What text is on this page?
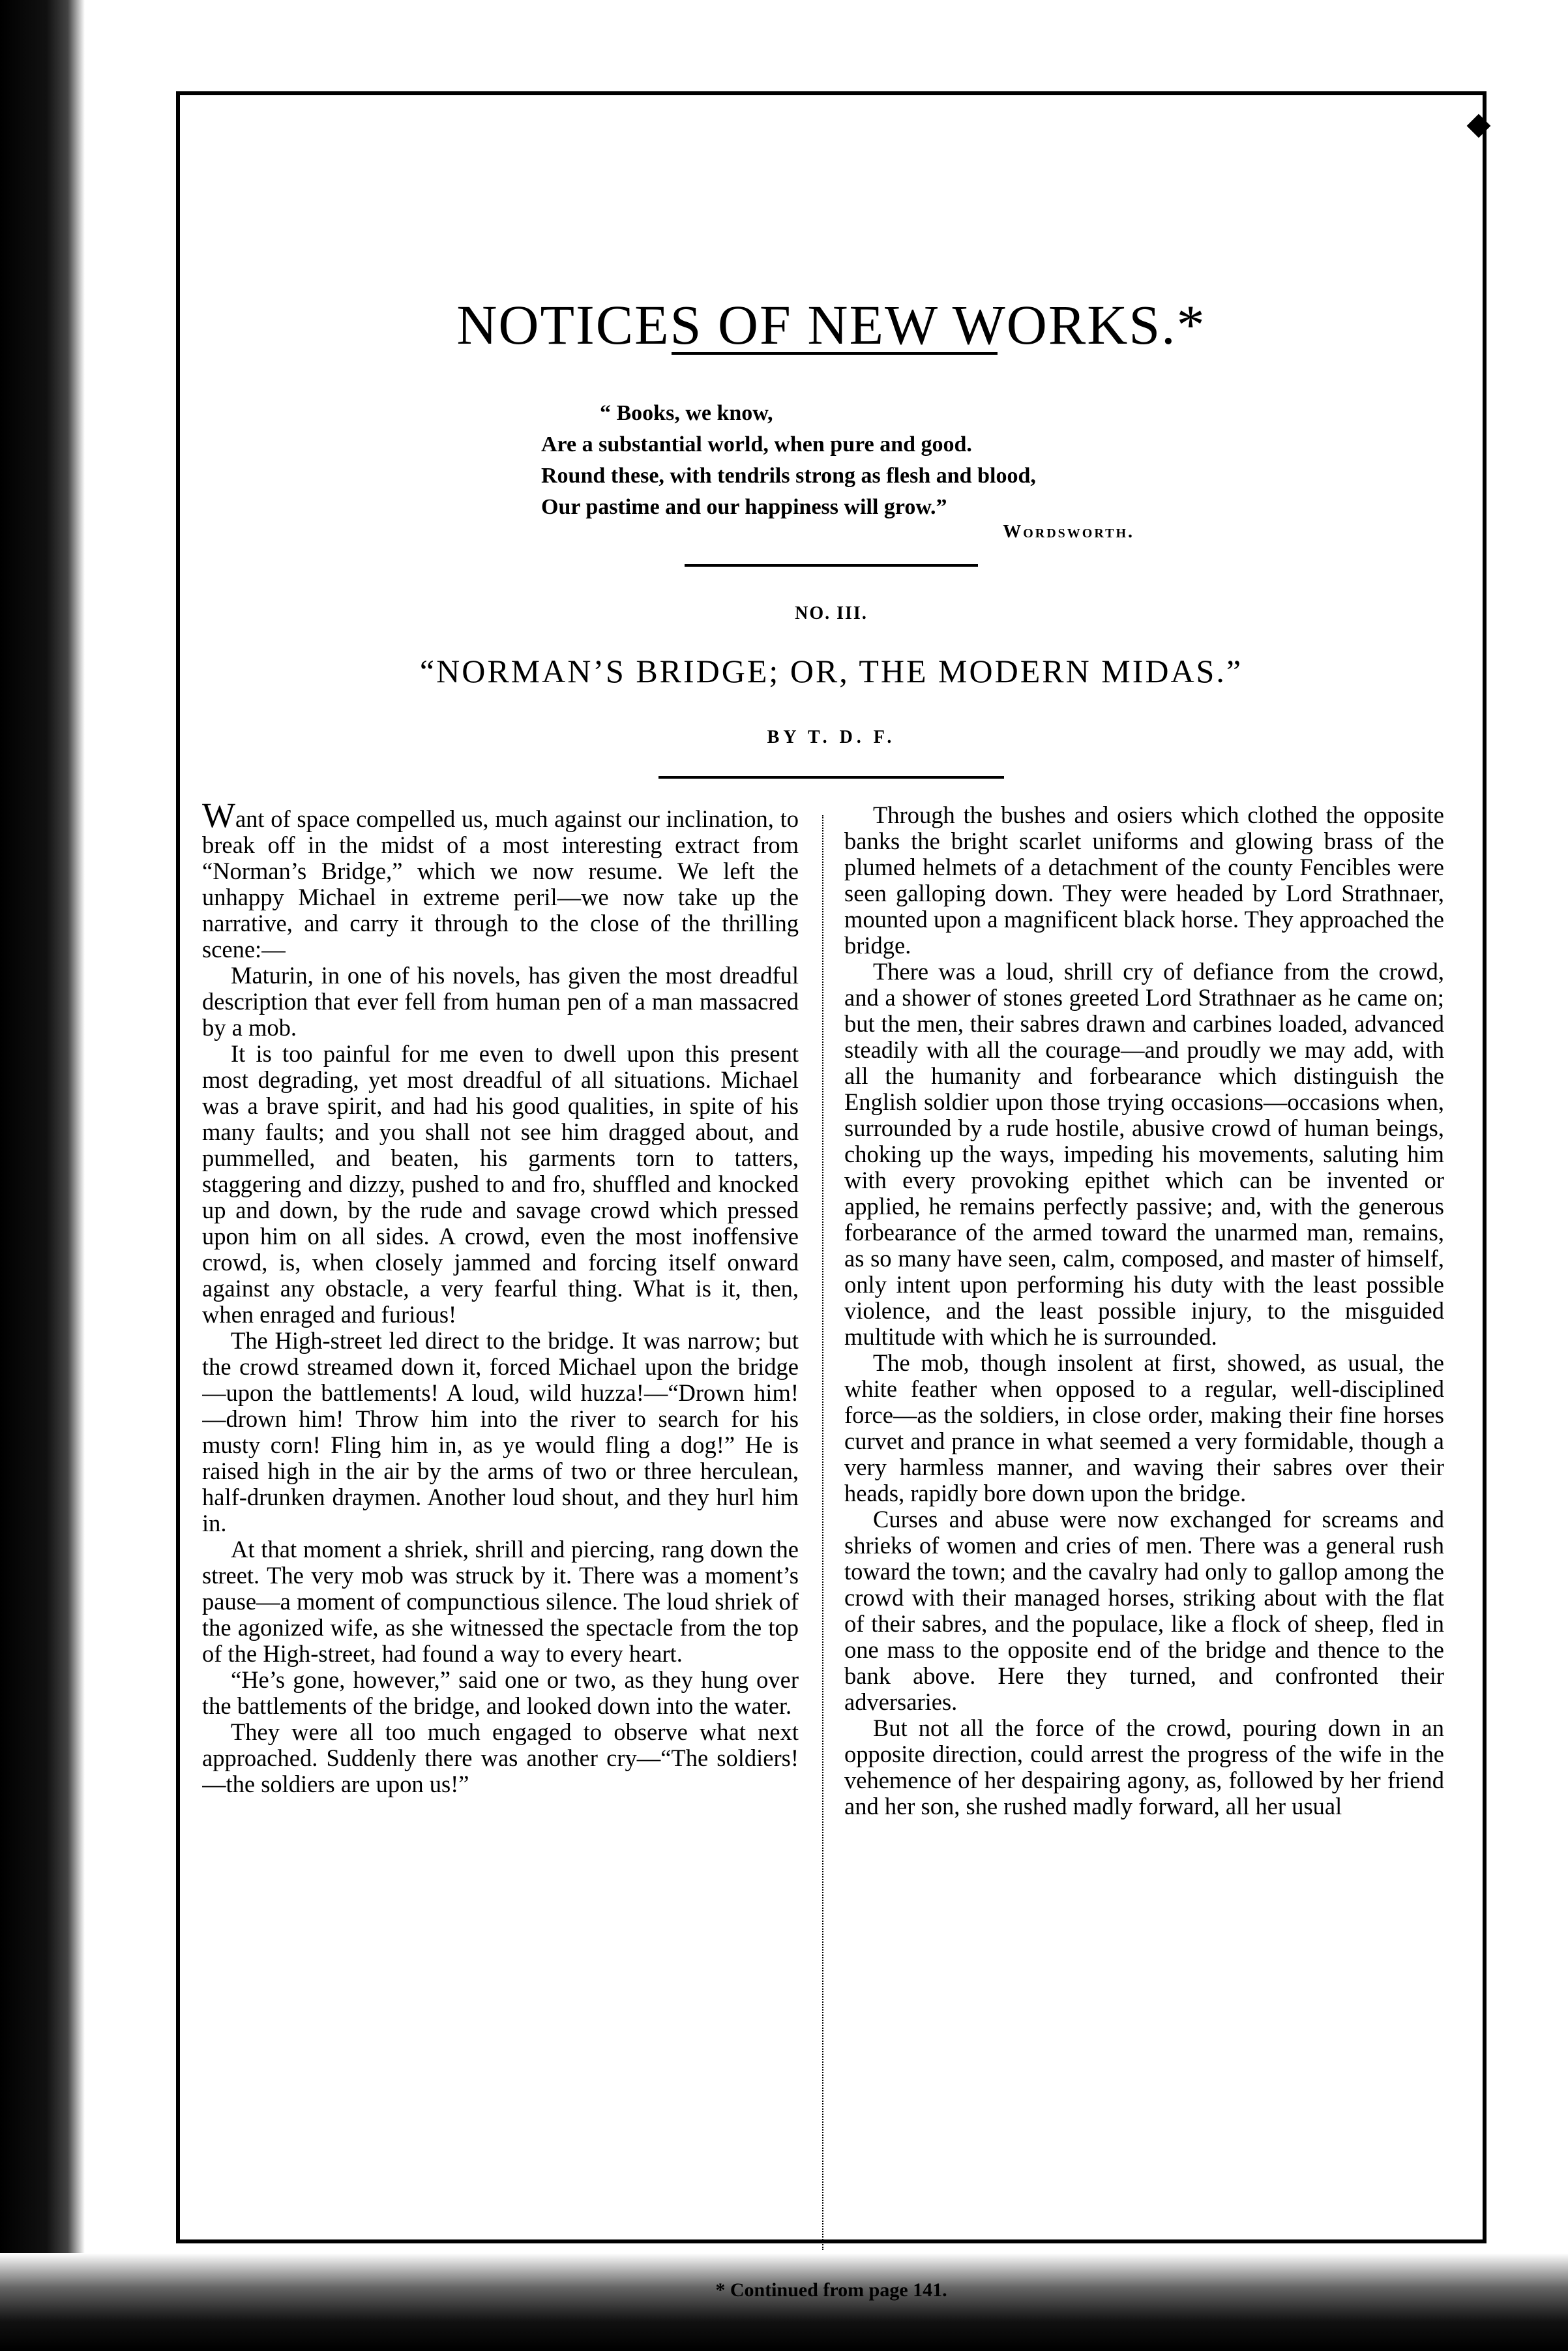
NOTICES OF NEW WORKS.*
“ Books, we know,
Are a substantial world, when pure and good.
Round these, with tendrils strong as flesh and blood,
Our pastime and our happiness will grow.”
Wordsworth.
NO. III.
“NORMAN’S BRIDGE; OR, THE MODERN MIDAS.”
BY T. D. F.

Want of space compelled us, much against our inclination, to break off in the midst of a most interesting extract from “Norman’s Bridge,” which we now resume. We left the unhappy Michael in extreme peril—we now take up the narrative, and carry it through to the close of the thrilling scene:—

Maturin, in one of his novels, has given the most dreadful description that ever fell from human pen of a man massacred by a mob.

It is too painful for me even to dwell upon this present most degrading, yet most dreadful of all situations. Michael was a brave spirit, and had his good qualities, in spite of his many faults; and you shall not see him dragged about, and pummelled, and beaten, his garments torn to tatters, staggering and dizzy, pushed to and fro, shuffled and knocked up and down, by the rude and savage crowd which pressed upon him on all sides. A crowd, even the most inoffensive crowd, is, when closely jammed and forcing itself onward against any obstacle, a very fearful thing. What is it, then, when enraged and furious!

The High-street led direct to the bridge. It was narrow; but the crowd streamed down it, forced Michael upon the bridge—upon the battlements! A loud, wild huzza!—“Drown him!—drown him! Throw him into the river to search for his musty corn! Fling him in, as ye would fling a dog!” He is raised high in the air by the arms of two or three herculean, half-drunken draymen. Another loud shout, and they hurl him in.

At that moment a shriek, shrill and piercing, rang down the street. The very mob was struck by it. There was a moment’s pause—a moment of compunctious silence. The loud shriek of the agonized wife, as she witnessed the spectacle from the top of the High-street, had found a way to every heart.

“He’s gone, however,” said one or two, as they hung over the battlements of the bridge, and looked down into the water.

They were all too much engaged to observe what next approached. Suddenly there was another cry—“The soldiers!—the soldiers are upon us!”

Through the bushes and osiers which clothed the opposite banks the bright scarlet uniforms and glowing brass of the plumed helmets of a detachment of the county Fencibles were seen galloping down. They were headed by Lord Strathnaer, mounted upon a magnificent black horse. They approached the bridge.

There was a loud, shrill cry of defiance from the crowd, and a shower of stones greeted Lord Strathnaer as he came on; but the men, their sabres drawn and carbines loaded, advanced steadily with all the courage—and proudly we may add, with all the humanity and forbearance which distinguish the English soldier upon those trying occasions—occasions when, surrounded by a rude hostile, abusive crowd of human beings, choking up the ways, impeding his movements, saluting him with every provoking epithet which can be invented or applied, he remains perfectly passive; and, with the generous forbearance of the armed toward the unarmed man, remains, as so many have seen, calm, composed, and master of himself, only intent upon performing his duty with the least possible violence, and the least possible injury, to the misguided multitude with which he is surrounded.

The mob, though insolent at first, showed, as usual, the white feather when opposed to a regular, well-disciplined force—as the soldiers, in close order, making their fine horses curvet and prance in what seemed a very formidable, though a very harmless manner, and waving their sabres over their heads, rapidly bore down upon the bridge.

Curses and abuse were now exchanged for screams and shrieks of women and cries of men. There was a general rush toward the town; and the cavalry had only to gallop among the crowd with their managed horses, striking about with the flat of their sabres, and the populace, like a flock of sheep, fled in one mass to the opposite end of the bridge and thence to the bank above. Here they turned, and confronted their adversaries.

But not all the force of the crowd, pouring down in an opposite direction, could arrest the progress of the wife in the vehemence of her despairing agony, as, followed by her friend and her son, she rushed madly forward, all her usual

* Continued from page 141.
